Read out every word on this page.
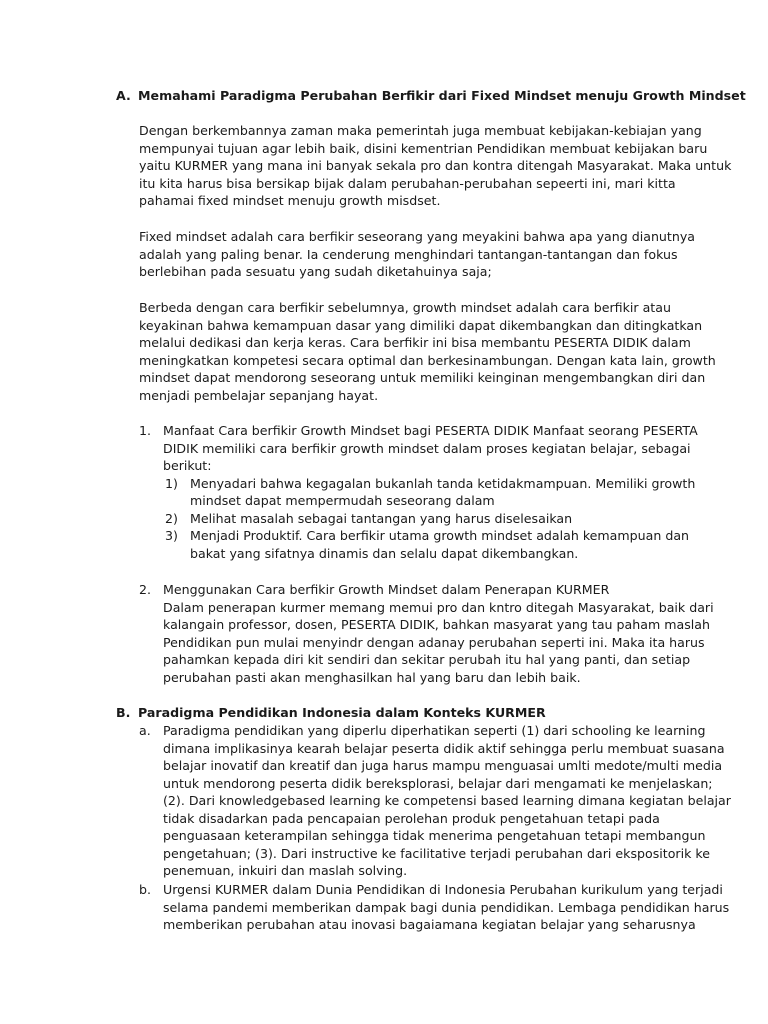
A. Memahami Paradigma Perubahan Berfikir dari Fixed Mindset menuju Growth Mindset
Dengan berkembannya zaman maka pemerintah juga membuat kebijakan-kebiajan yang
mempunyai tujuan agar lebih baik, disini kementrian Pendidikan membuat kebijakan baru
yaitu KURMER yang mana ini banyak sekala pro dan kontra ditengah Masyarakat. Maka untuk
itu kita harus bisa bersikap bijak dalam perubahan-perubahan sepeerti ini, mari kitta
pahamai fixed mindset menuju growth misdset.
Fixed mindset adalah cara berfikir seseorang yang meyakini bahwa apa yang dianutnya
adalah yang paling benar. Ia cenderung menghindari tantangan-tantangan dan fokus
berlebihan pada sesuatu yang sudah diketahuinya saja;
Berbeda dengan cara berfikir sebelumnya, growth mindset adalah cara berfikir atau
keyakinan bahwa kemampuan dasar yang dimiliki dapat dikembangkan dan ditingkatkan
melalui dedikasi dan kerja keras. Cara berfikir ini bisa membantu PESERTA DIDIK dalam
meningkatkan kompetesi secara optimal dan berkesinambungan. Dengan kata lain, growth
mindset dapat mendorong seseorang untuk memiliki keinginan mengembangkan diri dan
menjadi pembelajar sepanjang hayat.
1. Manfaat Cara berfikir Growth Mindset bagi PESERTA DIDIK Manfaat seorang PESERTA
DIDIK memiliki cara berfikir growth mindset dalam proses kegiatan belajar, sebagai
berikut:
1) Menyadari bahwa kegagalan bukanlah tanda ketidakmampuan. Memiliki growth
mindset dapat mempermudah seseorang dalam
2) Melihat masalah sebagai tantangan yang harus diselesaikan
3) Menjadi Produktif. Cara berfikir utama growth mindset adalah kemampuan dan
bakat yang sifatnya dinamis dan selalu dapat dikembangkan.
2. Menggunakan Cara berfikir Growth Mindset dalam Penerapan KURMER
Dalam penerapan kurmer memang memui pro dan kntro ditegah Masyarakat, baik dari
kalangain professor, dosen, PESERTA DIDIK, bahkan masyarat yang tau paham maslah
Pendidikan pun mulai menyindr dengan adanay perubahan seperti ini. Maka ita harus
pahamkan kepada diri kit sendiri dan sekitar perubah itu hal yang panti, dan setiap
perubahan pasti akan menghasilkan hal yang baru dan lebih baik.
B. Paradigma Pendidikan Indonesia dalam Konteks KURMER
a. Paradigma pendidikan yang diperlu diperhatikan seperti (1) dari schooling ke learning
dimana implikasinya kearah belajar peserta didik aktif sehingga perlu membuat suasana
belajar inovatif dan kreatif dan juga harus mampu menguasai umlti medote/multi media
untuk mendorong peserta didik bereksplorasi, belajar dari mengamati ke menjelaskan;
(2). Dari knowledgebased learning ke competensi based learning dimana kegiatan belajar
tidak disadarkan pada pencapaian perolehan produk pengetahuan tetapi pada
penguasaan keterampilan sehingga tidak menerima pengetahuan tetapi membangun
pengetahuan; (3). Dari instructive ke facilitative terjadi perubahan dari ekspositorik ke
penemuan, inkuiri dan maslah solving.
b. Urgensi KURMER dalam Dunia Pendidikan di Indonesia Perubahan kurikulum yang terjadi
selama pandemi memberikan dampak bagi dunia pendidikan. Lembaga pendidikan harus
memberikan perubahan atau inovasi bagaiamana kegiatan belajar yang seharusnya
